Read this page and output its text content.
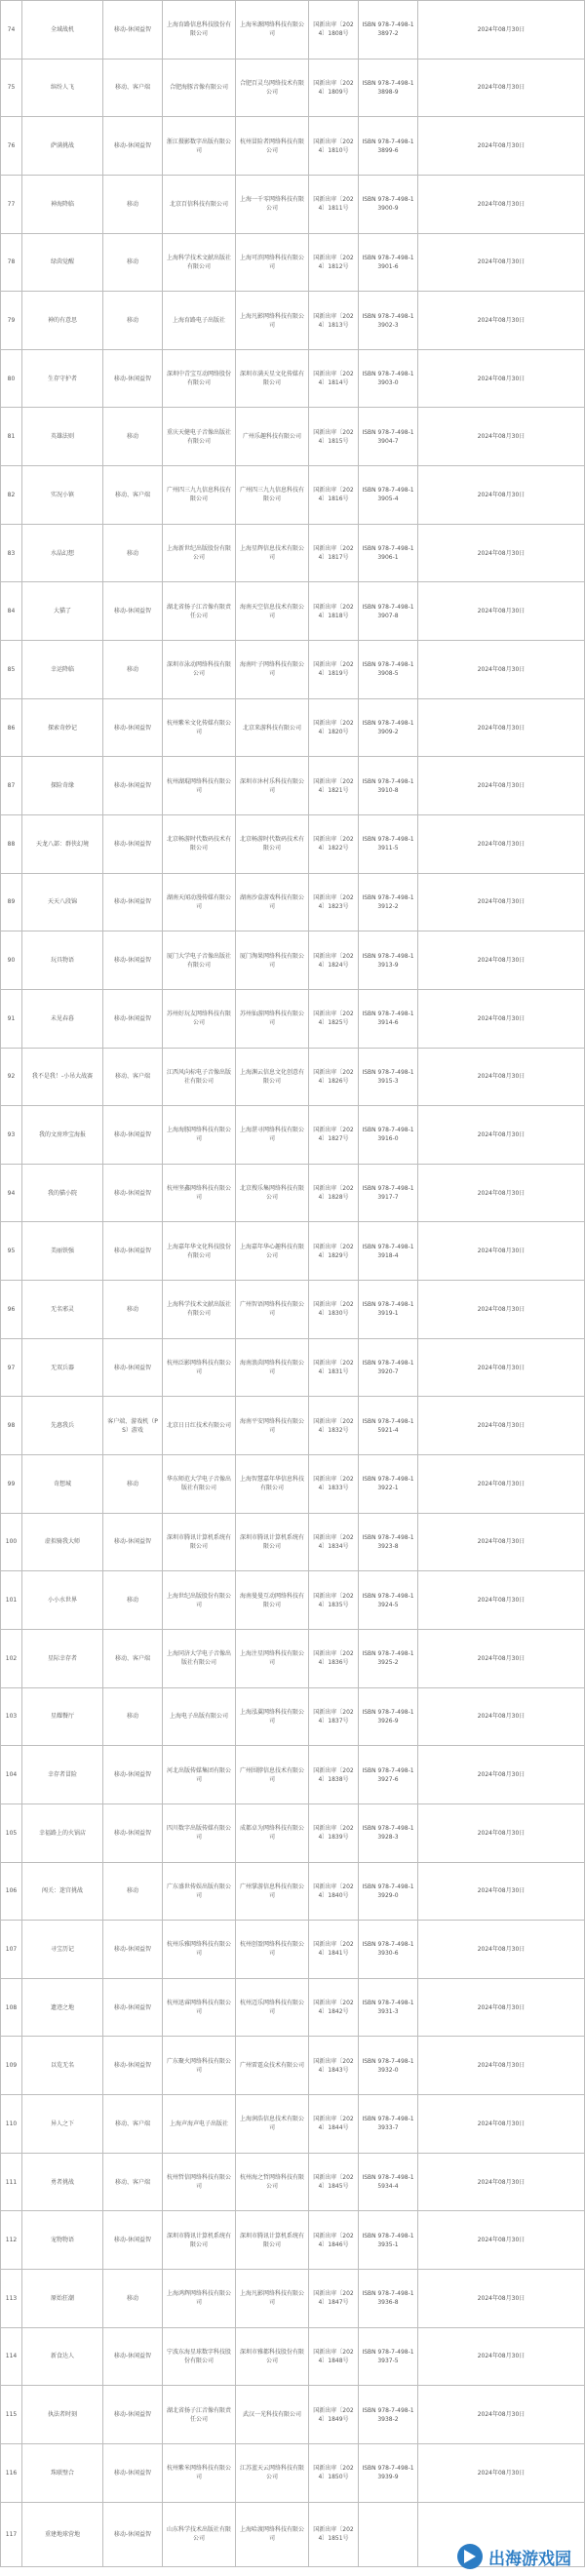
74	全域战机	移动-休闲益智	上海育路信息科技股份有限公司	上海米源网络科技有限公司	国新出审〔2024〕1808号	ISBN 978-7-498-13897-2	2024年08月30日
75	缤纷人飞	移动、客户端	合肥海豚音像有限公司	合肥百灵鸟网络技术有限公司	国新出审〔2024〕1809号	ISBN 978-7-498-13898-9	2024年08月30日
76	萨满挑战	移动-休闲益智	浙江摄影数字出版有限公司	杭州冒险者网络科技有限公司	国新出审〔2024〕1810号	ISBN 978-7-498-13899-6	2024年08月30日
77	神海降临	移动	北京百信科技有限公司	上海一千零网络科技有限公司	国新出审〔2024〕1811号	ISBN 978-7-498-13900-9	2024年08月30日
78	绿茵觉醒	移动	上海科学技术文献出版社有限公司	上海可滨网络科技有限公司	国新出审〔2024〕1812号	ISBN 978-7-498-13901-6	2024年08月30日
79	神的有意思	移动	上海育路电子出版社	上海凡影网络科技有限公司	国新出审〔2024〕1813号	ISBN 978-7-498-13902-3	2024年08月30日
80	生存守护者	移动-休闲益智	深圳中青宝互动网络股份有限公司	深圳市满天星文化传媒有限公司	国新出审〔2024〕1814号	ISBN 978-7-498-13903-0	2024年08月30日
81	英雄法则	移动	重庆天健电子音像出版社有限公司	广州乐趣科技有限公司	国新出审〔2024〕1815号	ISBN 978-7-498-13904-7	2024年08月30日
82	实况小镇	移动、客户端	广州四三九九信息科技有限公司	广州四三九九信息科技有限公司	国新出审〔2024〕1816号	ISBN 978-7-498-13905-4	2024年08月30日
83	水晶幻想	移动	上海新世纪出版股份有限公司	上海星辉信息技术有限公司	国新出审〔2024〕1817号	ISBN 978-7-498-13906-1	2024年08月30日
84	大猫了	移动-休闲益智	湖北省扬子江音像有限责任公司	海南天空信息技术有限公司	国新出审〔2024〕1818号	ISBN 978-7-498-13907-8	2024年08月30日
85	幸运降临	移动	深圳市泳动网络科技有限公司	海南叶子网络科技有限公司	国新出审〔2024〕1819号	ISBN 978-7-498-13908-5	2024年08月30日
86	探索奇妙记	移动-休闲益智	杭州紫米文化传媒有限公司	北京来游科技有限公司	国新出审〔2024〕1820号	ISBN 978-7-498-13909-2	2024年08月30日
87	探险奇缘	移动-休闲益智	杭州湖琨网络科技有限公司	深圳市沐村乐科技有限公司	国新出审〔2024〕1821号	ISBN 978-7-498-13910-8	2024年08月30日
88	天龙八部：群侠幻境	移动-休闲益智	北京畅游时代数码技术有限公司	北京畅游时代数码技术有限公司	国新出审〔2024〕1822号	ISBN 978-7-498-13911-5	2024年08月30日
89	天天八段锦	移动-休闲益智	湖南天闻动漫传媒有限公司	湖南沙盒游戏科技有限公司	国新出审〔2024〕1823号	ISBN 978-7-498-13912-2	2024年08月30日
90	玩具物语	移动-休闲益智	厦门大学电子音像出版社有限公司	厦门淘果网络科技有限公司	国新出审〔2024〕1824号	ISBN 978-7-498-13913-9	2024年08月30日
91	未见春暮	移动-休闲益智	苏州好玩友网络科技有限公司	苏州仙游网络科技有限公司	国新出审〔2024〕1825号	ISBN 978-7-498-13914-6	2024年08月30日
92	我不是我！-小吊大战赛	移动、客户端	江西风向标电子音像出版社有限公司	上海渊云信息文化创意有限公司	国新出审〔2024〕1826号	ISBN 978-7-498-13915-3	2024年08月30日
93	我的文房珍宝海报	移动-休闲益智	上海海豚网络科技有限公司	上海湛寻网络科技有限公司	国新出审〔2024〕1827号	ISBN 978-7-498-13916-0	2024年08月30日
94	我的猫小院	移动-休闲益智	杭州坚鑫网络科技有限公司	北京搜乐集网络科技有限公司	国新出审〔2024〕1828号	ISBN 978-7-498-13917-7	2024年08月30日
95	美丽铁强	移动-休闲益智	上海嘉年华文化科技股份有限公司	上海嘉年华心趣科技有限公司	国新出审〔2024〕1829号	ISBN 978-7-498-13918-4	2024年08月30日
96	无名邪灵	移动	上海科学技术文献出版社有限公司	广州智语网络科技有限公司	国新出审〔2024〕1830号	ISBN 978-7-498-13919-1	2024年08月30日
97	无双兵器	移动-休闲益智	杭州泛影网络科技有限公司	海南浪茵网络科技有限公司	国新出审〔2024〕1831号	ISBN 978-7-498-13920-7	2024年08月30日
98	先惠我兵	客户端、游戏机（PS）游戏	北京日日红技术有限公司	海南平安网络科技有限公司	国新出审〔2024〕1832号	ISBN 978-7-498-15921-4	2024年08月30日
99	奇想城	移动	华东师范大学电子音像出版社有限公司	上海智慧嘉年华信息科技有限公司	国新出审〔2024〕1833号	ISBN 978-7-498-13922-1	2024年08月30日
100	虚拟骑我大师	移动-休闲益智	深圳市腾讯计算机系统有限公司	深圳市腾讯计算机系统有限公司	国新出审〔2024〕1834号	ISBN 978-7-498-13923-8	2024年08月30日
101	小小水世界	移动	上海世纪出版股份有限公司	海南曼曼互动网络科技有限公司	国新出审〔2024〕1835号	ISBN 978-7-498-13924-5	2024年08月30日
102	星际幸存者	移动、客户端	上海同济大学电子音像出版社有限公司	上海注星网络科技有限公司	国新出审〔2024〕1836号	ISBN 978-7-498-13925-2	2024年08月30日
103	星耀餐厅	移动	上海电子出版有限公司	上海泓翼网络科技有限公司	国新出审〔2024〕1837号	ISBN 978-7-498-13926-9	2024年08月30日
104	幸存者冒险	移动-休闲益智	河北出版传媒集团有限公司	广州围脖信息技术有限公司	国新出审〔2024〕1838号	ISBN 978-7-498-13927-6	2024年08月30日
105	幸福路上的火锅店	移动-休闲益智	四川数字出版传媒有限公司	成都卓为网络科技有限公司	国新出审〔2024〕1839号	ISBN 978-7-498-13928-3	2024年08月30日
106	闯关：迷宫挑战	移动	广东盛世传娱出版有限公司	广州掌游信息科技有限公司	国新出审〔2024〕1840号	ISBN 978-7-498-13929-0	2024年08月30日
107	寻宝历记	移动-休闲益智	杭州乐雅网络科技有限公司	杭州创盈网络科技有限公司	国新出审〔2024〕1841号	ISBN 978-7-498-13930-6	2024年08月30日
108	遗迹之地	移动-休闲益智	杭州迅睿网络科技有限公司	杭州迈乐网络科技有限公司	国新出审〔2024〕1842号	ISBN 978-7-498-13931-3	2024年08月30日
109	以览无名	移动-休闲益智	广东聚火网络科技有限公司	广州雷霆众技术有限公司	国新出审〔2024〕1843号	ISBN 978-7-498-13932-0	2024年08月30日
110	异人之下	移动、客户端	上海声海声电子出版社	上海润浩信息技术有限公司	国新出审〔2024〕1844号	ISBN 978-7-498-13933-7	2024年08月30日
111	勇者挑战	移动、客户端	杭州哲信网络科技有限公司	杭州海之哲网络科技有限公司	国新出审〔2024〕1845号	ISBN 978-7-498-15934-4	2024年08月30日
112	宠物物语	移动-休闲益智	深圳市腾讯计算机系统有限公司	深圳市腾讯计算机系统有限公司	国新出审〔2024〕1846号	ISBN 978-7-498-13935-1	2024年08月30日
113	原始狂潮	移动	上海鸿辉网络科技有限公司	上海凡影网络科技有限公司	国新出审〔2024〕1847号	ISBN 978-7-498-13936-8	2024年08月30日
114	新食达人	移动-休闲益智	宁波东海星球数字科技股份有限公司	深圳市雅都科技股份有限公司	国新出审〔2024〕1848号	ISBN 978-7-498-13937-5	2024年08月30日
115	执法者时刻	移动-休闲益智	湖北省扬子江音像有限责任公司	武汉一光科技有限公司	国新出审〔2024〕1849号	ISBN 978-7-498-13938-2	2024年08月30日
116	珠联璧合	移动-休闲益智	杭州紫米网络科技有限公司	江苏蓝天云网络科技有限公司	国新出审〔2024〕1850号	ISBN 978-7-498-13939-9	2024年08月30日
117	重建地球营地	移动-休闲益智	山东科学技术出版社有限公司	上海哈渡网络科技有限公司	国新出审〔2024〕1851号		
出海游戏园
